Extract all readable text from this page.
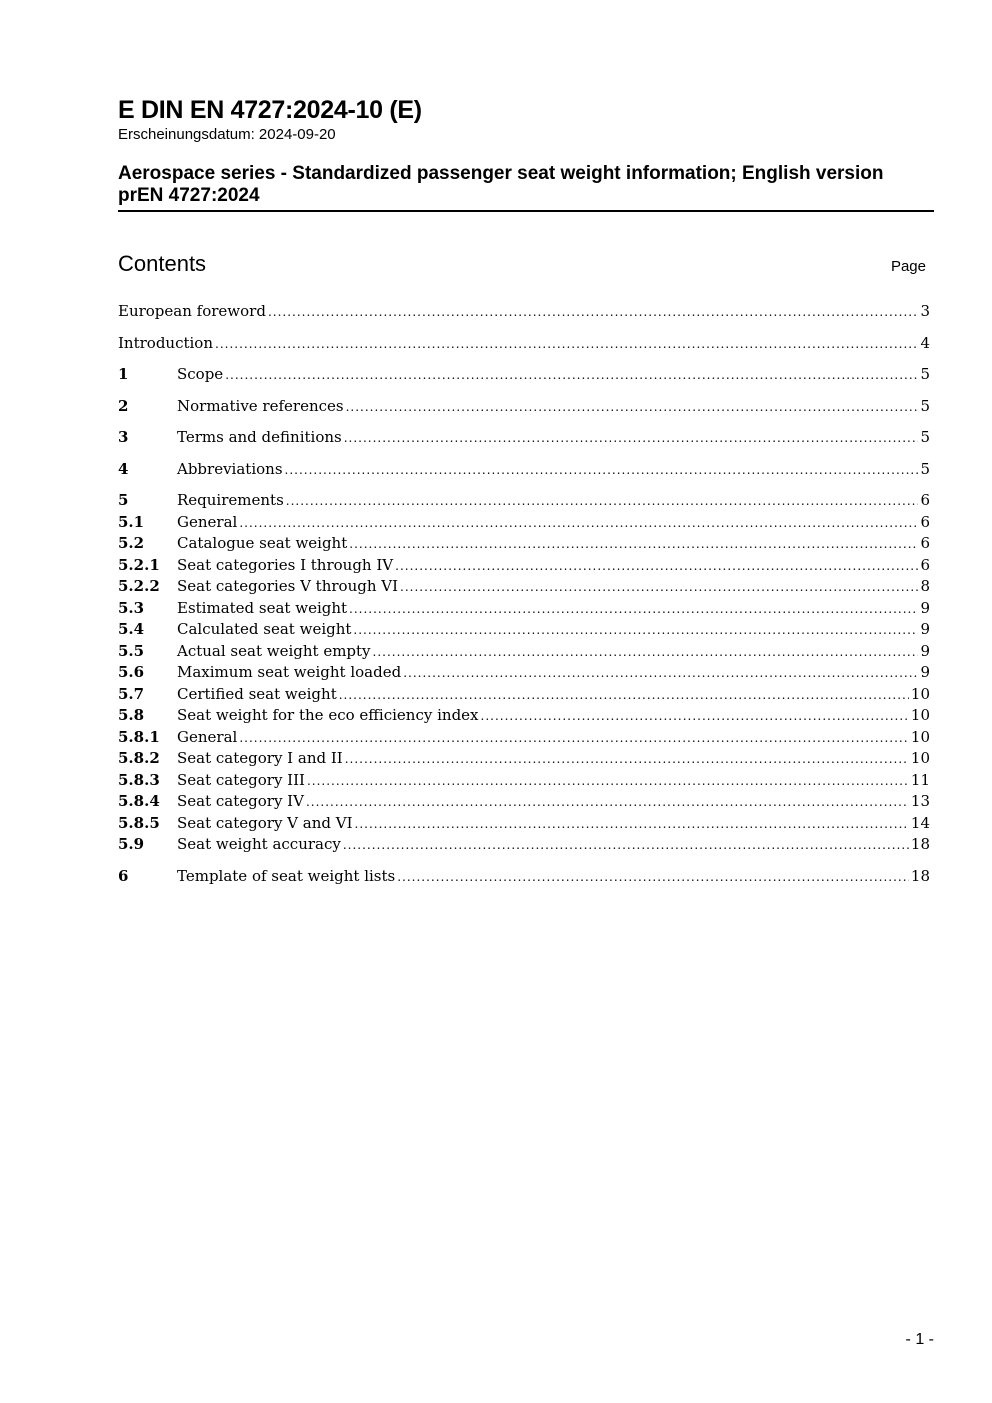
E DIN EN 4727:2024-10 (E)
Erscheinungsdatum: 2024-09-20
Aerospace series - Standardized passenger seat weight information; English version
prEN 4727:2024
Contents	Page
European foreword .....	3
Introduction .....	4
1	Scope .....	5
2	Normative references .....	5
3	Terms and definitions .....	5
4	Abbreviations .....	5
5	Requirements .....	6
5.1	General .....	6
5.2	Catalogue seat weight .....	6
5.2.1	Seat categories I through IV .....	6
5.2.2	Seat categories V through VI .....	8
5.3	Estimated seat weight .....	9
5.4	Calculated seat weight .....	9
5.5	Actual seat weight empty .....	9
5.6	Maximum seat weight loaded .....	9
5.7	Certified seat weight .....	10
5.8	Seat weight for the eco efficiency index .....	10
5.8.1	General .....	10
5.8.2	Seat category I and II .....	10
5.8.3	Seat category III .....	11
5.8.4	Seat category IV .....	13
5.8.5	Seat category V and VI .....	14
5.9	Seat weight accuracy .....	18
6	Template of seat weight lists .....	18
- 1 -
